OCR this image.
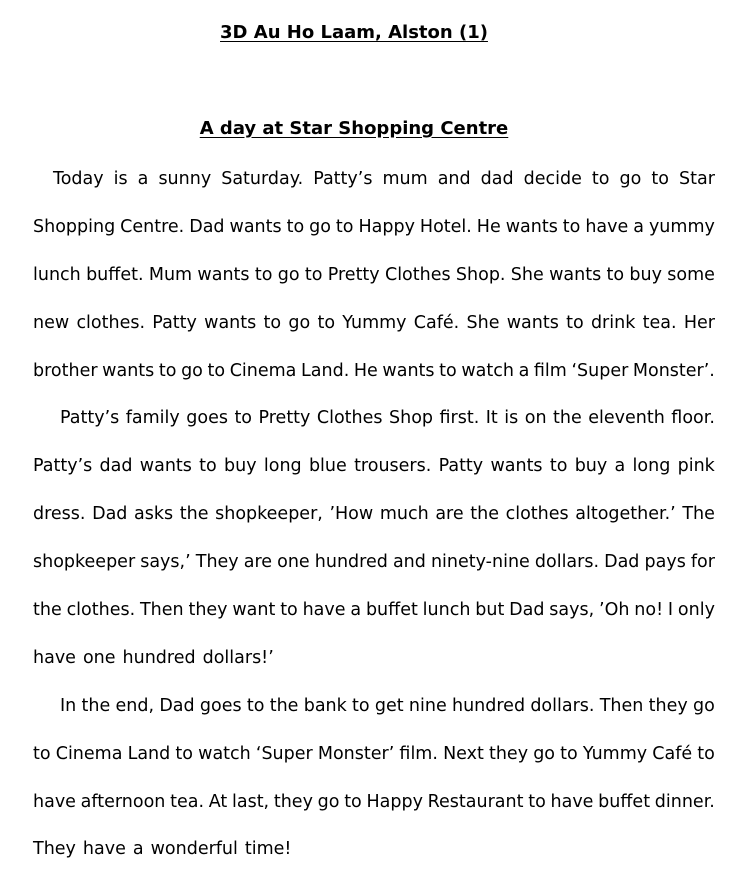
3D Au Ho Laam, Alston (1)
A day at Star Shopping Centre
Today is a sunny Saturday. Patty’s mum and dad decide to go to Star
Shopping Centre. Dad wants to go to Happy Hotel. He wants to have a yummy
lunch buffet. Mum wants to go to Pretty Clothes Shop. She wants to buy some
new clothes. Patty wants to go to Yummy Café. She wants to drink tea. Her
brother wants to go to Cinema Land. He wants to watch a film ‘Super Monster’.
Patty’s family goes to Pretty Clothes Shop first. It is on the eleventh floor.
Patty’s dad wants to buy long blue trousers. Patty wants to buy a long pink
dress. Dad asks the shopkeeper, ’How much are the clothes altogether.’ The
shopkeeper says,’ They are one hundred and ninety-nine dollars. Dad pays for
the clothes. Then they want to have a buffet lunch but Dad says, ’Oh no! I only
have one hundred dollars!’
In the end, Dad goes to the bank to get nine hundred dollars. Then they go
to Cinema Land to watch ‘Super Monster’ film. Next they go to Yummy Café to
have afternoon tea. At last, they go to Happy Restaurant to have buffet dinner.
They have a wonderful time!
